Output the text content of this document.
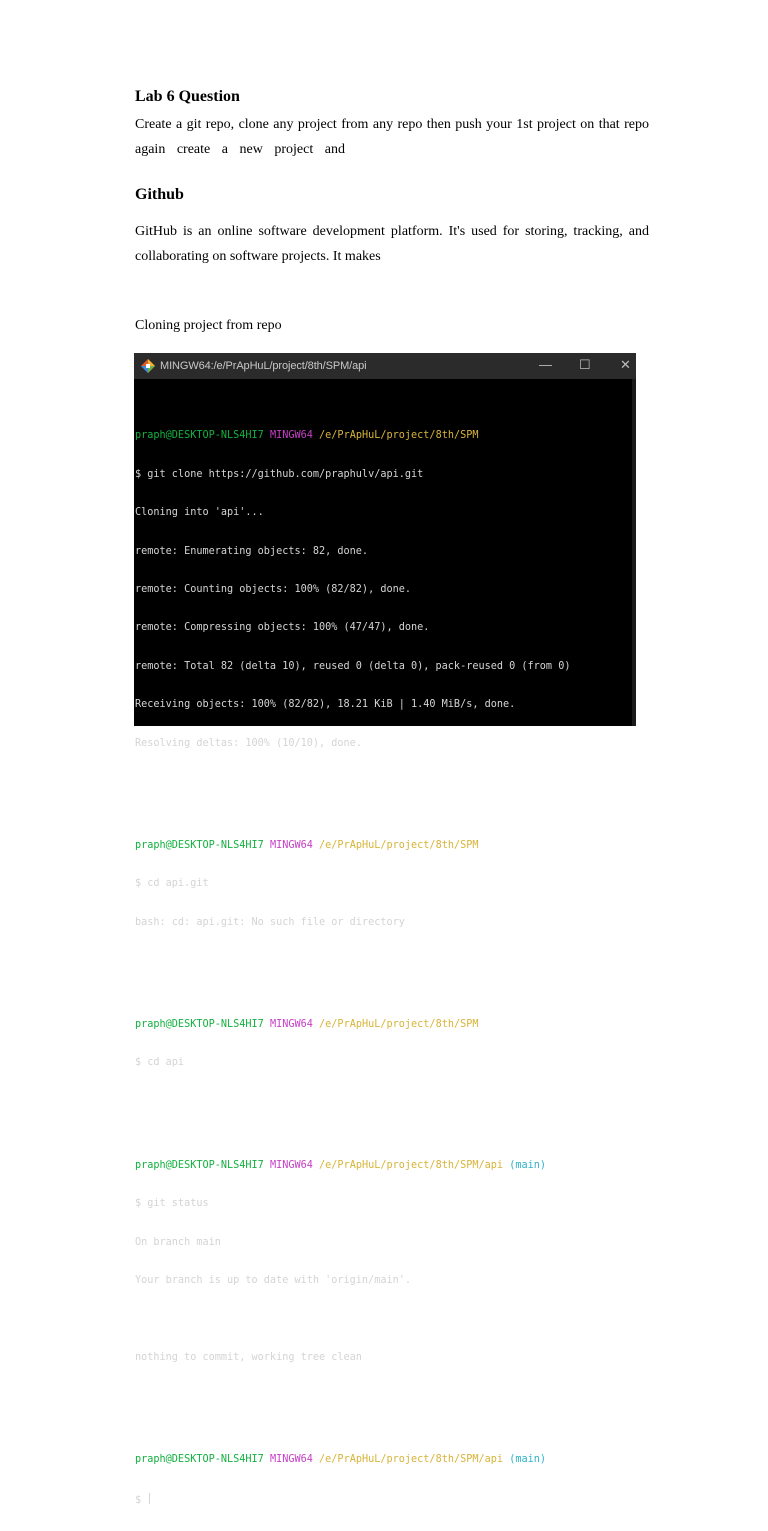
Lab 6 Question

Create a git repo, clone any project from any repo then push your 1st project on that repo

again create a new project and

Github

GitHub is an online software development platform. It's used for storing, tracking, and

collaborating on software projects. It makes

Cloning project from repo

MINGW64:/e/PrApHuL/project/8th/SPM/api	— ☐ ✕

praph@DESKTOP-NLS4HI7 MINGW64 /e/PrApHuL/project/8th/SPM

$ git clone https://github.com/praphulv/api.git

Cloning into 'api'...

remote: Enumerating objects: 82, done.

remote: Counting objects: 100% (82/82), done.

remote: Compressing objects: 100% (47/47), done.

remote: Total 82 (delta 10), reused 0 (delta 0), pack-reused 0 (from 0)

Receiving objects: 100% (82/82), 18.21 KiB | 1.40 MiB/s, done.

Resolving deltas: 100% (10/10), done.

praph@DESKTOP-NLS4HI7 MINGW64 /e/PrApHuL/project/8th/SPM

$ cd api.git

bash: cd: api.git: No such file or directory

praph@DESKTOP-NLS4HI7 MINGW64 /e/PrApHuL/project/8th/SPM

$ cd api

praph@DESKTOP-NLS4HI7 MINGW64 /e/PrApHuL/project/8th/SPM/api (main)

$ git status

On branch main

Your branch is up to date with 'origin/main'.

nothing to commit, working tree clean

praph@DESKTOP-NLS4HI7 MINGW64 /e/PrApHuL/project/8th/SPM/api (main)

$
